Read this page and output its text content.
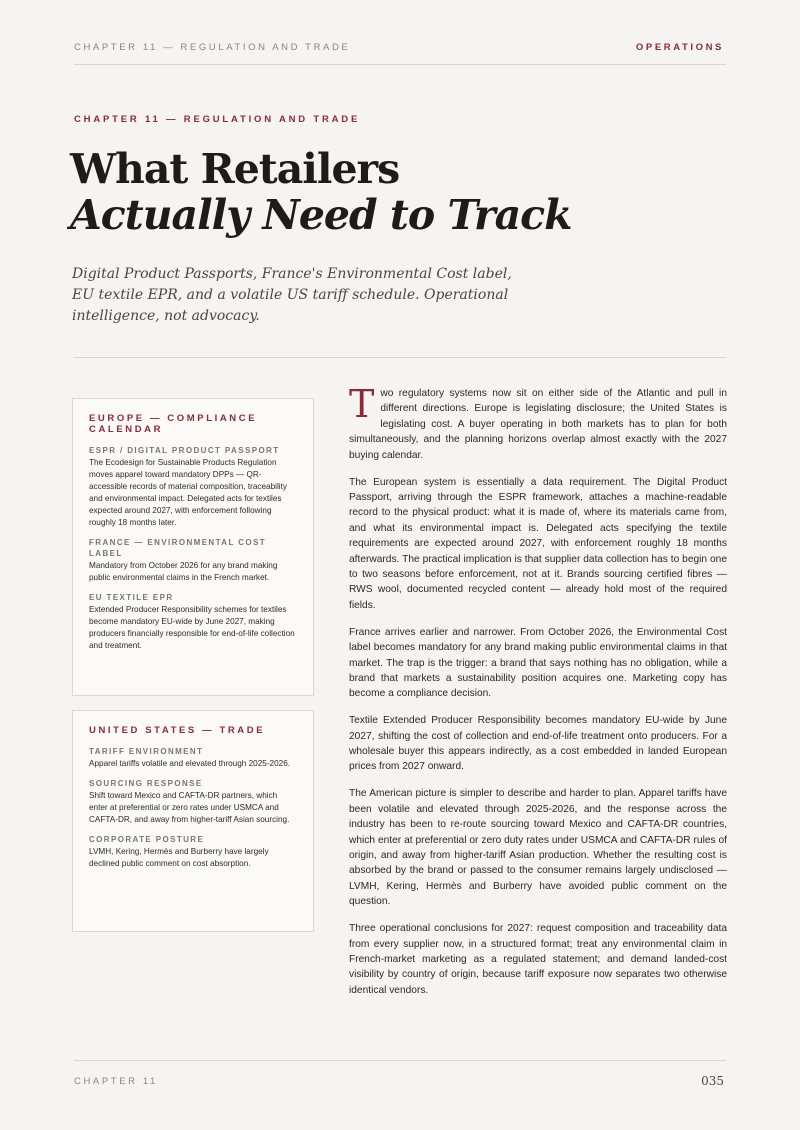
CHAPTER 11 — REGULATION AND TRADE	OPERATIONS
CHAPTER 11 — REGULATION AND TRADE
What Retailers

Actually Need to Track

Digital Product Passports, France's Environmental Cost label, EU textile EPR, and a volatile US tariff schedule. Operational intelligence, not advocacy.

EUROPE — COMPLIANCE CALENDAR
ESPR / DIGITAL PRODUCT PASSPORT

The Ecodesign for Sustainable Products Regulation moves apparel toward mandatory DPPs — QR-accessible records of material composition, traceability and environmental impact. Delegated acts for textiles expected around 2027, with enforcement following roughly 18 months later.

FRANCE — ENVIRONMENTAL COST LABEL

Mandatory from October 2026 for any brand making public environmental claims in the French market.

EU TEXTILE EPR

Extended Producer Responsibility schemes for textiles become mandatory EU-wide by June 2027, making producers financially responsible for end-of-life collection and treatment.

UNITED STATES — TRADE
TARIFF ENVIRONMENT

Apparel tariffs volatile and elevated through 2025-2026.

SOURCING RESPONSE

Shift toward Mexico and CAFTA-DR partners, which enter at preferential or zero rates under USMCA and CAFTA-DR, and away from higher-tariff Asian sourcing.

CORPORATE POSTURE

LVMH, Kering, Hermès and Burberry have largely declined public comment on cost absorption.

Two regulatory systems now sit on either side of the Atlantic and pull in different directions. Europe is legislating disclosure; the United States is legislating cost. A buyer operating in both markets has to plan for both simultaneously, and the planning horizons overlap almost exactly with the 2027 buying calendar.

The European system is essentially a data requirement. The Digital Product Passport, arriving through the ESPR framework, attaches a machine-readable record to the physical product: what it is made of, where its materials came from, and what its environmental impact is. Delegated acts specifying the textile requirements are expected around 2027, with enforcement roughly 18 months afterwards. The practical implication is that supplier data collection has to begin one to two seasons before enforcement, not at it. Brands sourcing certified fibres — RWS wool, documented recycled content — already hold most of the required fields.

France arrives earlier and narrower. From October 2026, the Environmental Cost label becomes mandatory for any brand making public environmental claims in that market. The trap is the trigger: a brand that says nothing has no obligation, while a brand that markets a sustainability position acquires one. Marketing copy has become a compliance decision.

Textile Extended Producer Responsibility becomes mandatory EU-wide by June 2027, shifting the cost of collection and end-of-life treatment onto producers. For a wholesale buyer this appears indirectly, as a cost embedded in landed European prices from 2027 onward.

The American picture is simpler to describe and harder to plan. Apparel tariffs have been volatile and elevated through 2025-2026, and the response across the industry has been to re-route sourcing toward Mexico and CAFTA-DR countries, which enter at preferential or zero duty rates under USMCA and CAFTA-DR rules of origin, and away from higher-tariff Asian production. Whether the resulting cost is absorbed by the brand or passed to the consumer remains largely undisclosed — LVMH, Kering, Hermès and Burberry have avoided public comment on the question.

Three operational conclusions for 2027: request composition and traceability data from every supplier now, in a structured format; treat any environmental claim in French-market marketing as a regulated statement; and demand landed-cost visibility by country of origin, because tariff exposure now separates two otherwise identical vendors.

CHAPTER 11	035
